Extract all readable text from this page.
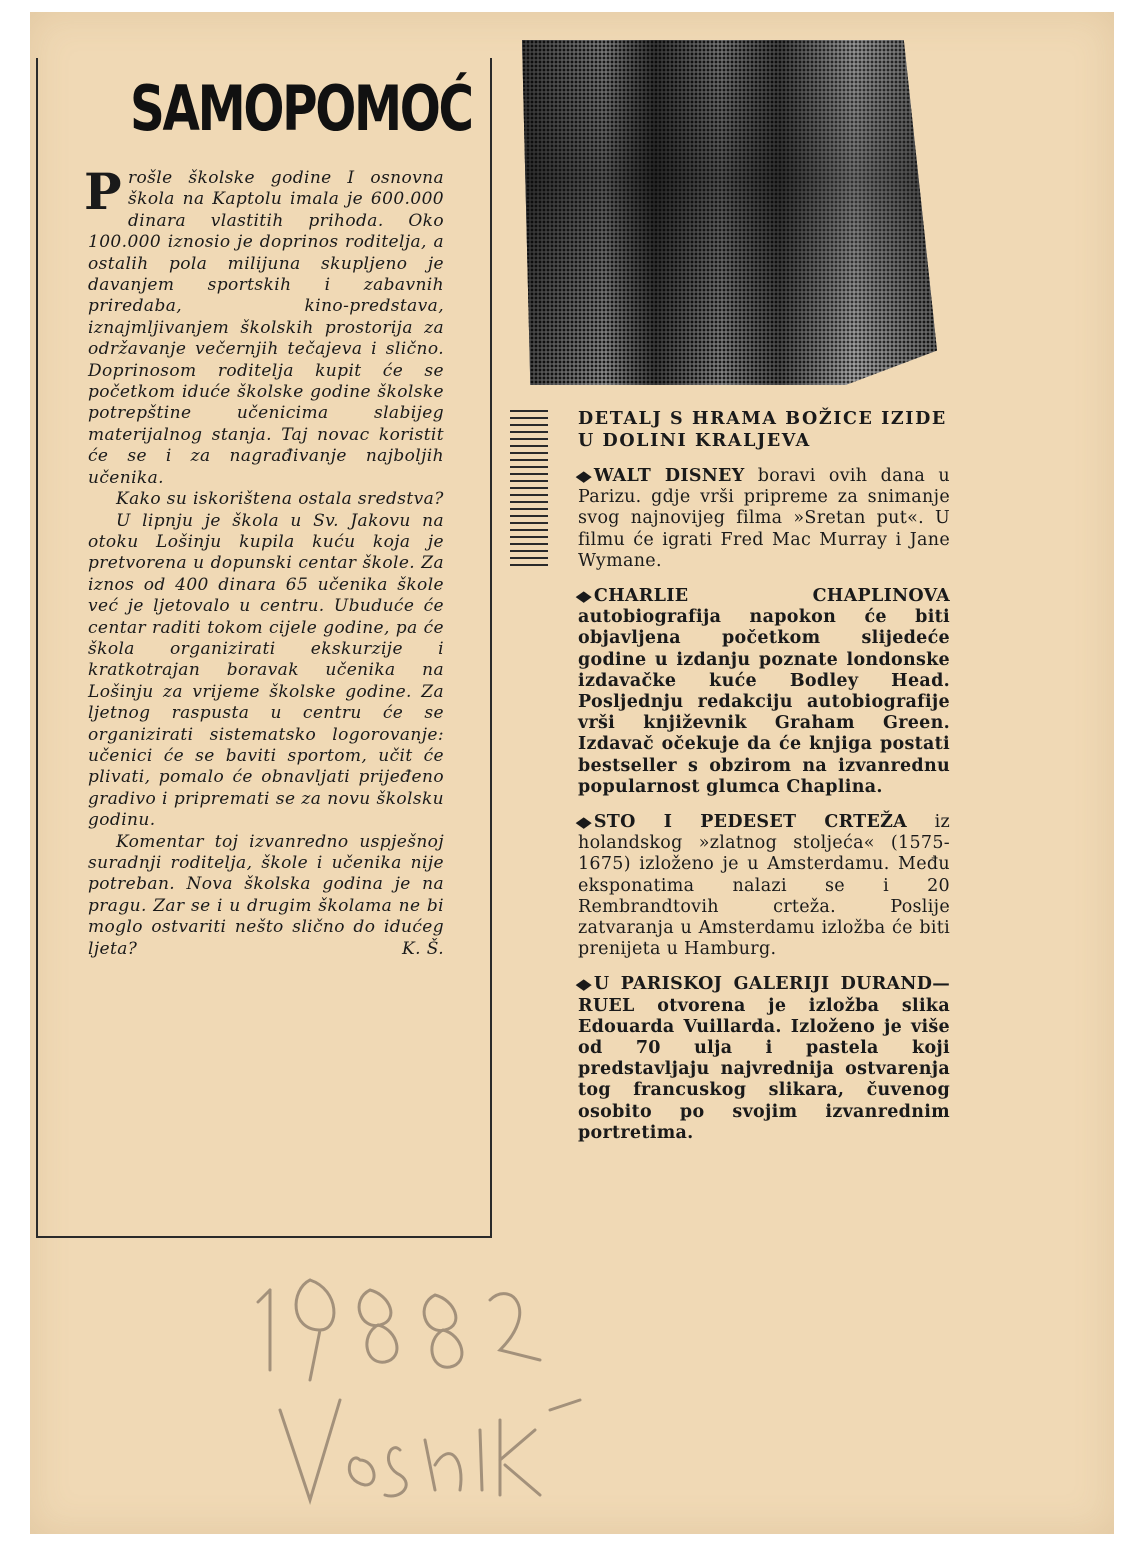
SAMOPOMOĆ

Prošle školske godine I osnovna škola na Kaptolu imala je 600.000 dinara vlastitih prihoda. Oko 100.000 iznosio je doprinos roditelja, a ostalih pola milijuna skupljeno je davanjem sportskih i zabavnih priredaba, kino-predstava, iznajmljivanjem školskih prostorija za održavanje večernjih tečajeva i slično. Doprinosom roditelja kupit će se početkom iduće školske godine školske potrepštine učenicima slabijeg materijalnog stanja. Taj novac koristit će se i za nagrađivanje najboljih učenika.

Kako su iskorištena ostala sredstva?

U lipnju je škola u Sv. Jakovu na otoku Lošinju kupila kuću koja je pretvorena u dopunski centar škole. Za iznos od 400 dinara 65 učenika škole već je ljetovalo u centru. Ubuduće će centar raditi tokom cijele godine, pa će škola organizirati ekskurzije i kratkotrajan boravak učenika na Lošinju za vrijeme školske godine. Za ljetnog raspusta u centru će se organizirati sistematsko logorovanje: učenici će se baviti sportom, učit će plivati, pomalo će obnavljati prijeđeno gradivo i pripremati se za novu školsku godinu.

Komentar toj izvanredno uspješnoj suradnji roditelja, škole i učenika nije potreban. Nova školska godina je na pragu. Zar se i u drugim školama ne bi moglo ostvariti nešto slično do idućeg ljeta?	K. Š.

DETALJ S HRAMA BOŽICE IZIDE U DOLINI KRALJEVA

◆WALT DISNEY boravi ovih dana u Parizu. gdje vrši pripreme za snimanje svog najnovijeg filma »Sretan put«. U filmu će igrati Fred Mac Murray i Jane Wymane.

◆CHARLIE CHAPLINOVA autobiografija napokon će biti objavljena početkom slijedeće godine u izdanju poznate londonske izdavačke kuće Bodley Head. Posljednju redakciju autobiografije vrši književnik Graham Green. Izdavač očekuje da će knjiga postati bestseller s obzirom na izvanrednu popularnost glumca Chaplina.

◆STO I PEDESET CRTEŽA iz holandskog »zlatnog stoljeća« (1575-1675) izloženo je u Amsterdamu. Među eksponatima nalazi se i 20 Rembrandtovih crteža. Poslije zatvaranja u Amsterdamu izložba će biti prenijeta u Hamburg.

◆U PARISKOJ GALERIJI DURAND—RUEL otvorena je izložba slika Edouarda Vuillarda. Izloženo je više od 70 ulja i pastela koji predstavljaju najvrednija ostvarenja tog francuskog slikara, čuvenog osobito po svojim izvanrednim portretima.
